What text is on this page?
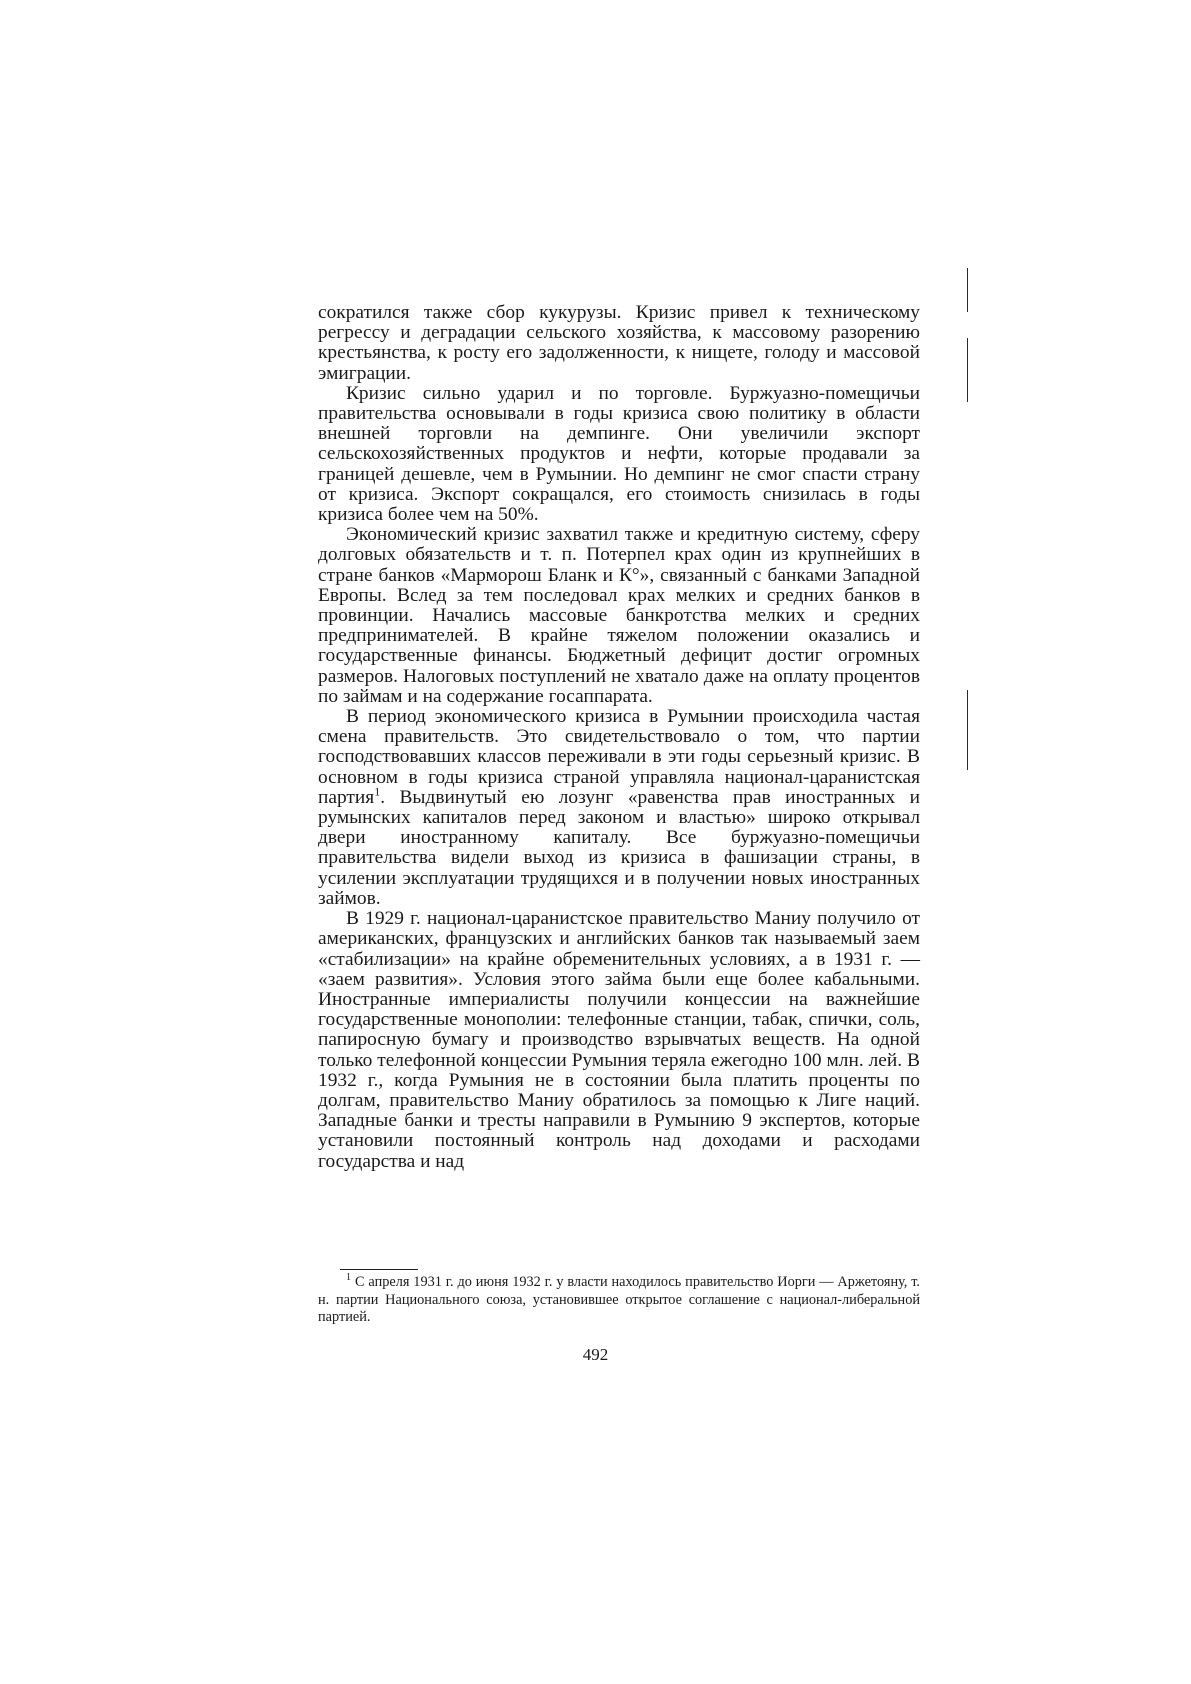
сократился также сбор кукурузы. Кризис привел к техническому регрессу и деградации сельского хозяйства, к массовому разорению крестьянства, к росту его задолженности, к нищете, голоду и массовой эмиграции.

Кризис сильно ударил и по торговле. Буржуазно-помещичьи правительства основывали в годы кризиса свою политику в области внешней торговли на демпинге. Они увеличили экспорт сельскохозяйственных продуктов и нефти, которые продавали за границей дешевле, чем в Румынии. Но демпинг не смог спасти страну от кризиса. Экспорт сокращался, его стоимость снизилась в годы кризиса более чем на 50%.

Экономический кризис захватил также и кредитную систему, сферу долговых обязательств и т. п. Потерпел крах один из крупнейших в стране банков «Марморош Бланк и К°», связанный с банками Западной Европы. Вслед за тем последовал крах мелких и средних банков в провинции. Начались массовые банкротства мелких и средних предпринимателей. В крайне тяжелом положении оказались и государственные финансы. Бюджетный дефицит достиг огромных размеров. Налоговых поступлений не хватало даже на оплату процентов по займам и на содержание госаппарата.

В период экономического кризиса в Румынии происходила частая смена правительств. Это свидетельствовало о том, что партии господствовавших классов переживали в эти годы серьезный кризис. В основном в годы кризиса страной управляла национал-царанистская партия$^1$. Выдвинутый ею лозунг «равенства прав иностранных и румынских капиталов перед законом и властью» широко открывал двери иностранному капиталу. Все буржуазно-помещичьи правительства видели выход из кризиса в фашизации страны, в усилении эксплуатации трудящихся и в получении новых иностранных займов.

В 1929 г. национал-царанистское правительство Маниу получило от американских, французских и английских банков так называемый заем «стабилизации» на крайне обременительных условиях, а в 1931 г. — «заем развития». Условия этого займа были еще более кабальными. Иностранные империалисты получили концессии на важнейшие государственные монополии: телефонные станции, табак, спички, соль, папиросную бумагу и производство взрывчатых веществ. На одной только телефонной концессии Румыния теряла ежегодно 100 млн. лей. В 1932 г., когда Румыния не в состоянии была платить проценты по долгам, правительство Маниу обратилось за помощью к Лиге наций. Западные банки и тресты направили в Румынию 9 экспертов, которые установили постоянный контроль над доходами и расходами государства и над

$^1$ С апреля 1931 г. до июня 1932 г. у власти находилось правительство Иорги — Аржетояну, т. н. партии Национального союза, установившее открытое соглашение с национал-либеральной партией.

492
